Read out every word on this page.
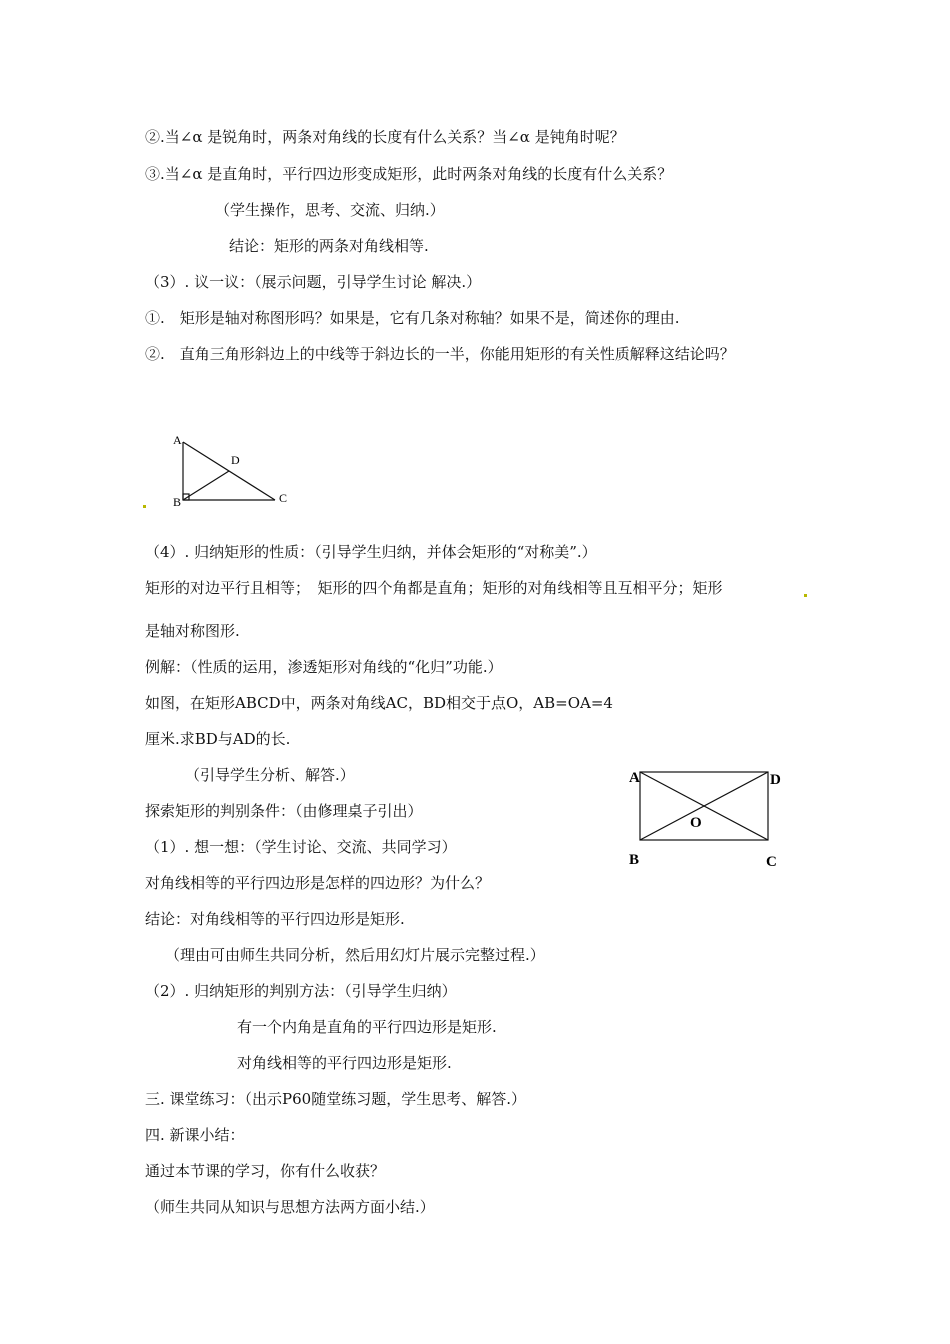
②.当∠α 是锐角时，两条对角线的长度有什么关系？当∠α 是钝角时呢？
③.当∠α 是直角时，平行四边形变成矩形，此时两条对角线的长度有什么关系？
（学生操作，思考、交流、归纳.）
结论：矩形的两条对角线相等.
（3）. 议一议：（展示问题，引导学生讨论 解决.）
①.　矩形是轴对称图形吗？如果是，它有几条对称轴？如果不是，简述你的理由.
②.　直角三角形斜边上的中线等于斜边长的一半，你能用矩形的有关性质解释这结论吗？
A
D
B	C
（4）. 归纳矩形的性质：（引导学生归纳，并体会矩形的“对称美”.）
矩形的对边平行且相等；　矩形的四个角都是直角；矩形的对角线相等且互相平分；矩形
是轴对称图形.
例解：（性质的运用，渗透矩形对角线的“化归”功能.）
如图，在矩形ABCD中，两条对角线AC，BD相交于点O，AB=OA=4
厘米.求BD与AD的长.
（引导学生分析、解答.）
探索矩形的判别条件：（由修理桌子引出）
（1）. 想一想：（学生讨论、交流、共同学习）
对角线相等的平行四边形是怎样的四边形？为什么？
结论：对角线相等的平行四边形是矩形.
（理由可由师生共同分析，然后用幻灯片展示完整过程.）
（2）. 归纳矩形的判别方法：（引导学生归纳）
有一个内角是直角的平行四边形是矩形.
对角线相等的平行四边形是矩形.
三. 课堂练习：（出示P60随堂练习题，学生思考、解答.）
四. 新课小结：
通过本节课的学习，你有什么收获？
（师生共同从知识与思想方法两方面小结.）
A	D
O
B	C
